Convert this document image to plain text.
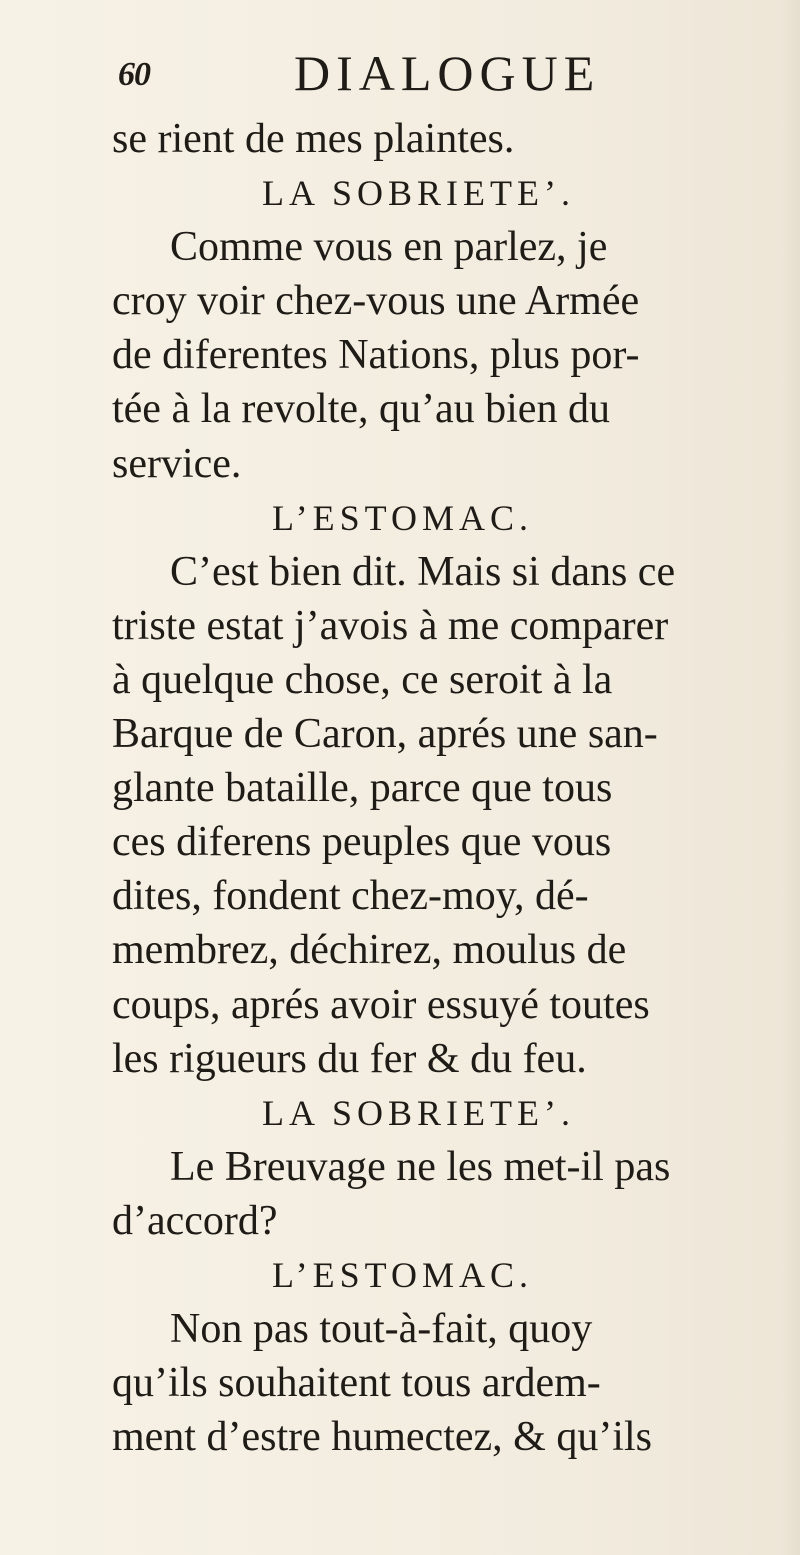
60	DIALOGUE
se rient de mes plaintes.
LA SOBRIETE’.
Comme vous en parlez, je
croy voir chez-vous une Armée
de diferentes Nations, plus por-
tée à la revolte, qu’au bien du
service.
L’ESTOMAC.
C’est bien dit. Mais si dans ce
triste estat j’avois à me comparer
à quelque chose, ce seroit à la
Barque de Caron, aprés une san-
glante bataille, parce que tous
ces diferens peuples que vous
dites, fondent chez-moy, dé-
membrez, déchirez, moulus de
coups, aprés avoir essuyé toutes
les rigueurs du fer & du feu.
LA SOBRIETE’.
Le Breuvage ne les met-il pas
d’accord?
L’ESTOMAC.
Non pas tout-à-fait, quoy
qu’ils souhaitent tous ardem-
ment d’estre humectez, & qu’ils
